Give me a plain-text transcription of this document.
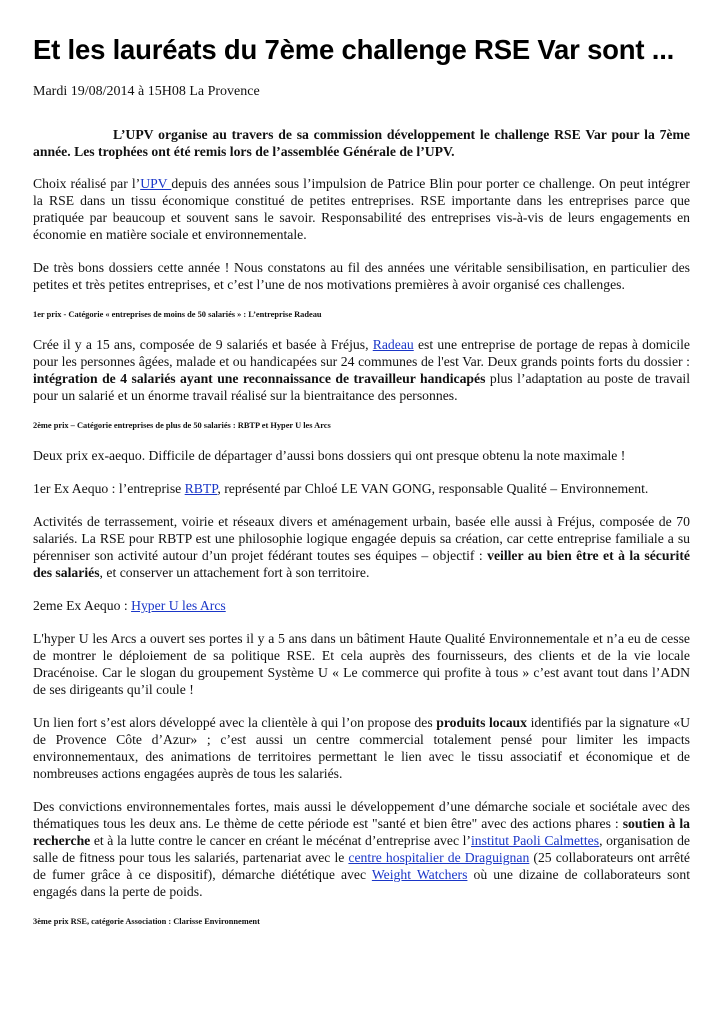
Et les lauréats du 7ème challenge RSE Var sont ...
Mardi 19/08/2014 à 15H08 La Provence

L’UPV organise au travers de sa commission développement le challenge RSE Var pour la 7ème année. Les trophées ont été remis lors de l’assemblée Générale de l’UPV.

Choix réalisé par l’UPV depuis des années sous l’impulsion de Patrice Blin pour porter ce challenge. On peut intégrer la RSE dans un tissu économique constitué de petites entreprises. RSE importante dans les entreprises parce que pratiquée par beaucoup et souvent sans le savoir. Responsabilité des entreprises vis-à-vis de leurs engagements en économie en matière sociale et environnementale.

De très bons dossiers cette année ! Nous constatons au fil des années une véritable sensibilisation, en particulier des petites et très petites entreprises, et c’est l’une de nos motivations premières à avoir organisé ces challenges.

1er prix - Catégorie « entreprises de moins de 50 salariés » : L’entreprise Radeau

Crée il y a 15 ans, composée de 9 salariés et basée à Fréjus, Radeau est une entreprise de portage de repas à domicile pour les personnes âgées, malade et ou handicapées sur 24 communes de l'est Var. Deux grands points forts du dossier : intégration de 4 salariés ayant une reconnaissance de travailleur handicapés plus l’adaptation au poste de travail pour un salarié et un énorme travail réalisé sur la bientraitance des personnes.

2ème prix – Catégorie entreprises de plus de 50 salariés : RBTP et Hyper U les Arcs

Deux prix ex-aequo. Difficile de départager d’aussi bons dossiers qui ont presque obtenu la note maximale !

1er Ex Aequo : l’entreprise RBTP, représenté par Chloé LE VAN GONG, responsable Qualité – Environnement.

Activités de terrassement, voirie et réseaux divers et aménagement urbain, basée elle aussi à Fréjus, composée de 70 salariés. La RSE pour RBTP est une philosophie logique engagée depuis sa création, car cette entreprise familiale a su pérenniser son activité autour d’un projet fédérant toutes ses équipes – objectif : veiller au bien être et à la sécurité des salariés, et conserver un attachement fort à son territoire.

2eme Ex Aequo : Hyper U les Arcs

L'hyper U les Arcs a ouvert ses portes il y a 5 ans dans un bâtiment Haute Qualité Environnementale et n’a eu de cesse de montrer le déploiement de sa politique RSE. Et cela auprès des fournisseurs, des clients et de la vie locale Dracénoise. Car le slogan du groupement Système U « Le commerce qui profite à tous » c’est avant tout dans l’ADN de ses dirigeants qu’il coule !

Un lien fort s’est alors développé avec la clientèle à qui l’on propose des produits locaux identifiés par la signature «U de Provence Côte d’Azur» ; c’est aussi un centre commercial totalement pensé pour limiter les impacts environnementaux, des animations de territoires permettant le lien avec le tissu associatif et économique et de nombreuses actions engagées auprès de tous les salariés.

Des convictions environnementales fortes, mais aussi le développement d’une démarche sociale et sociétale avec des thématiques tous les deux ans. Le thème de cette période est "santé et bien être" avec des actions phares : soutien à la recherche et à la lutte contre le cancer en créant le mécénat d’entreprise avec l’institut Paoli Calmettes, organisation de salle de fitness pour tous les salariés, partenariat avec le centre hospitalier de Draguignan (25 collaborateurs ont arrêté de fumer grâce à ce dispositif), démarche diététique avec Weight Watchers où une dizaine de collaborateurs sont engagés dans la perte de poids.

3ème prix RSE, catégorie Association : Clarisse Environnement
